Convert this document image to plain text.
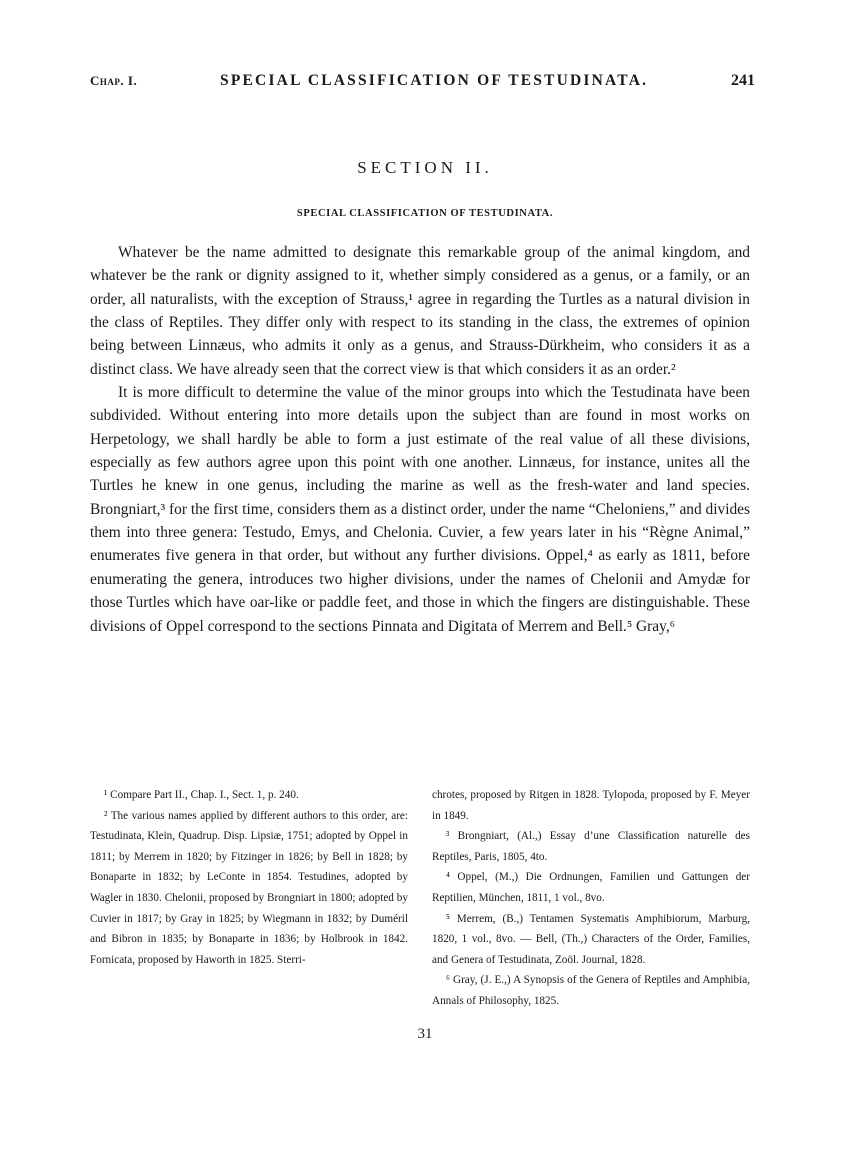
Chap. I.	SPECIAL CLASSIFICATION OF TESTUDINATA.	241
SECTION II.
SPECIAL CLASSIFICATION OF TESTUDINATA.

Whatever be the name admitted to designate this remarkable group of the animal kingdom, and whatever be the rank or dignity assigned to it, whether simply considered as a genus, or a family, or an order, all naturalists, with the exception of Strauss,¹ agree in regarding the Turtles as a natural division in the class of Reptiles. They differ only with respect to its standing in the class, the extremes of opinion being between Linnæus, who admits it only as a genus, and Strauss-Dürkheim, who considers it as a distinct class. We have already seen that the correct view is that which considers it as an order.²

It is more difficult to determine the value of the minor groups into which the Testudinata have been subdivided. Without entering into more details upon the subject than are found in most works on Herpetology, we shall hardly be able to form a just estimate of the real value of all these divisions, especially as few authors agree upon this point with one another. Linnæus, for instance, unites all the Turtles he knew in one genus, including the marine as well as the fresh-water and land species. Brongniart,³ for the first time, considers them as a distinct order, under the name “Cheloniens,” and divides them into three genera: Testudo, Emys, and Chelonia. Cuvier, a few years later in his “Règne Animal,” enumerates five genera in that order, but without any further divisions. Oppel,⁴ as early as 1811, before enumerating the genera, introduces two higher divisions, under the names of Chelonii and Amydæ for those Turtles which have oar-like or paddle feet, and those in which the fingers are distinguishable. These divisions of Oppel correspond to the sections Pinnata and Digitata of Merrem and Bell.⁵ Gray,⁶

¹ Compare Part II., Chap. I., Sect. 1, p. 240.

² The various names applied by different authors to this order, are: Testudinata, Klein, Quadrup. Disp. Lipsiæ, 1751; adopted by Oppel in 1811; by Merrem in 1820; by Fitzinger in 1826; by Bell in 1828; by Bonaparte in 1832; by LeConte in 1854. Testudines, adopted by Wagler in 1830. Chelonii, proposed by Brongniart in 1800; adopted by Cuvier in 1817; by Gray in 1825; by Wiegmann in 1832; by Duméril and Bibron in 1835; by Bonaparte in 1836; by Holbrook in 1842. Fornicata, proposed by Haworth in 1825. Sterri-

chrotes, proposed by Ritgen in 1828. Tylopoda, proposed by F. Meyer in 1849.

³ Brongniart, (Al.,) Essay d’une Classification naturelle des Reptiles, Paris, 1805, 4to.

⁴ Oppel, (M.,) Die Ordnungen, Familien und Gattungen der Reptilien, München, 1811, 1 vol., 8vo.

⁵ Merrem, (B.,) Tentamen Systematis Amphibiorum, Marburg, 1820, 1 vol., 8vo. — Bell, (Th.,) Characters of the Order, Families, and Genera of Testudinata, Zoöl. Journal, 1828.

⁶ Gray, (J. E.,) A Synopsis of the Genera of Reptiles and Amphibia, Annals of Philosophy, 1825.

31
